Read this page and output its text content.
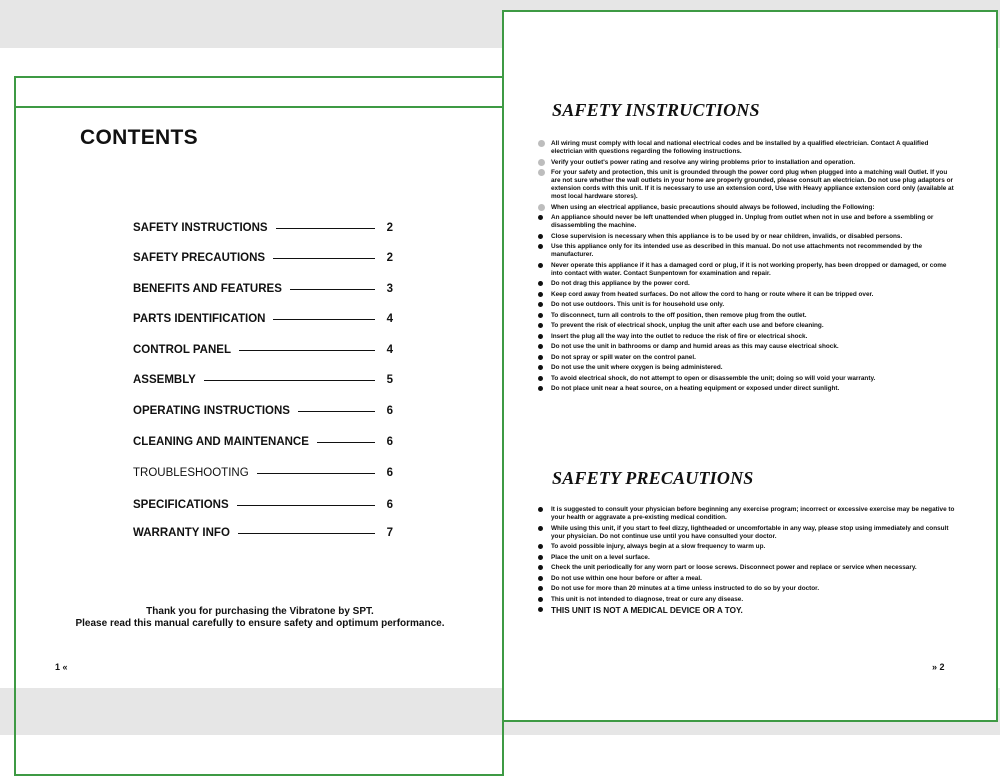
CONTENTS
SAFETY INSTRUCTIONS	2
SAFETY PRECAUTIONS	2
BENEFITS AND FEATURES	3
PARTS IDENTIFICATION	4
CONTROL PANEL	4
ASSEMBLY	5
OPERATING INSTRUCTIONS	6
CLEANING AND MAINTENANCE	6
TROUBLESHOOTING	6
SPECIFICATIONS	6
WARRANTY INFO	7
Thank you for purchasing the Vibratone by SPT.
Please read this manual carefully to ensure safety and optimum performance.
1 «
SAFETY INSTRUCTIONS
All wiring must comply with local and national electrical codes and be installed by a qualified electrician. Contact A qualified electrician with questions regarding the following instructions.
Verify your outlet's power rating and resolve any wiring problems prior to installation and operation.
For your safety and protection, this unit is grounded through the power cord plug when plugged into a matching wall Outlet. If you are not sure whether the wall outlets in your home are properly grounded, please consult an electrician. Do not use plug adaptors or extension cords with this unit. If it is necessary to use an extension cord, Use with Heavy appliance extension cord only (available at most local hardware stores).
When using an electrical appliance, basic precautions should always be followed, including the Following:
An appliance should never be left unattended when plugged in. Unplug from outlet when not in use and before a ssembling or disassembling the machine.
Close supervision is necessary when this appliance is to be used by or near children, invalids, or disabled persons.
Use this appliance only for its intended use as described in this manual. Do not use attachments not recommended by the manufacturer.
Never operate this appliance if it has a damaged cord or plug, if it is not working properly, has been dropped or damaged, or come into contact with water. Contact Sunpentown for examination and repair.
Do not drag this appliance by the power cord.
Keep cord away from heated surfaces. Do not allow the cord to hang or route where it can be tripped over.
Do not use outdoors. This unit is for household use only.
To disconnect, turn all controls to the off position, then remove plug from the outlet.
To prevent the risk of electrical shock, unplug the unit after each use and before cleaning.
Insert the plug all the way into the outlet to reduce the risk of fire or electrical shock.
Do not use the unit in bathrooms or damp and humid areas as this may cause electrical shock.
Do not spray or spill water on the control panel.
Do not use the unit where oxygen is being administered.
To avoid electrical shock, do not attempt to open or disassemble the unit; doing so will void your warranty.
Do not place unit near a heat source, on a heating equipment or exposed under direct sunlight.
SAFETY PRECAUTIONS
It is suggested to consult your physician before beginning any exercise program; incorrect or excessive exercise may be negative to your health or aggravate a pre-existing medical condition.
While using this unit, if you start to feel dizzy, lightheaded or uncomfortable in any way, please stop using immediately and consult your physician. Do not continue use until you have consulted your doctor.
To avoid possible injury, always begin at a slow frequency to warm up.
Place the unit on a level surface.
Check the unit periodically for any worn part or loose screws. Disconnect power and replace or service when necessary.
Do not use within one hour before or after a meal.
Do not use for more than 20 minutes at a time unless instructed to do so by your doctor.
This unit is not intended to diagnose, treat or cure any disease.
THIS UNIT IS NOT A MEDICAL DEVICE OR A TOY.
» 2
